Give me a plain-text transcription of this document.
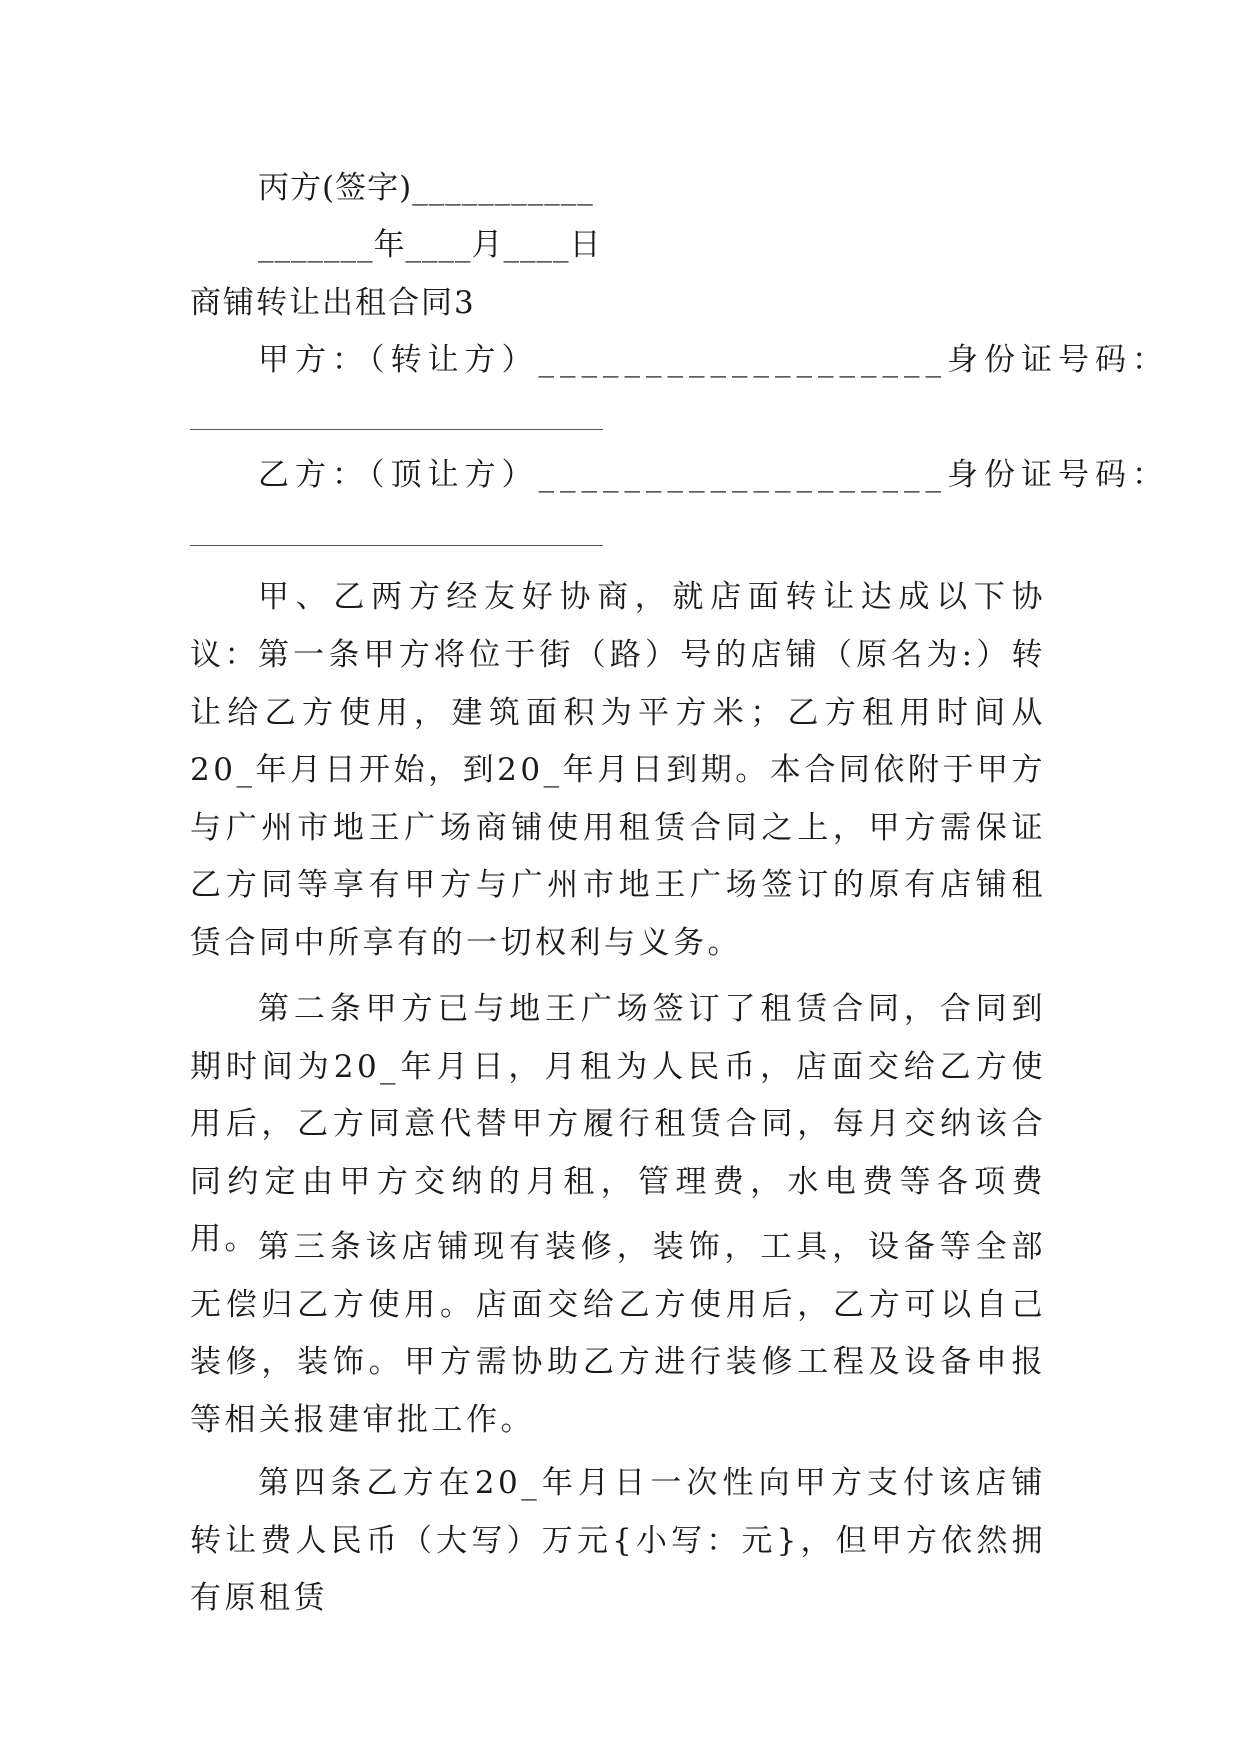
丙方(签字)___________
_______年____月____日
商铺转让出租合同3
甲方：（转让方）___________________身份证号码：
乙方：（顶让方）___________________身份证号码：

甲、乙两方经友好协商，就店面转让达成以下协议： 第一条甲方将位于街（路）号的店铺（原名为:）转让给乙方使用，建筑面积为平方米；乙方租用时间从20_年月日开始，到20_年月日到期。本合同依附于甲方与广州市地王广场商铺使用租赁合同之上，甲方需保证乙方同等享有甲方与广州市地王广场签订的原有店铺租赁合同中所享有的一切权利与义务。

第二条甲方已与地王广场签订了租赁合同，合同到期时间为20_年月日，月租为人民币，店面交给乙方使用后，乙方同意代替甲方履行租赁合同，每月交纳该合同约定由甲方交纳的月租，管理费，水电费等各项费用。 第三条该店铺现有装修，装饰，工具，设备等全部无偿归乙方使用。店面交给乙方使用后，乙方可以自己装修，装饰。甲方需协助乙方进行装修工程及设备申报等相关报建审批工作。

第四条乙方在20_年月日一次性向甲方支付该店铺转让费人民币（大写）万元{小写：元}，但甲方依然拥有原租赁
